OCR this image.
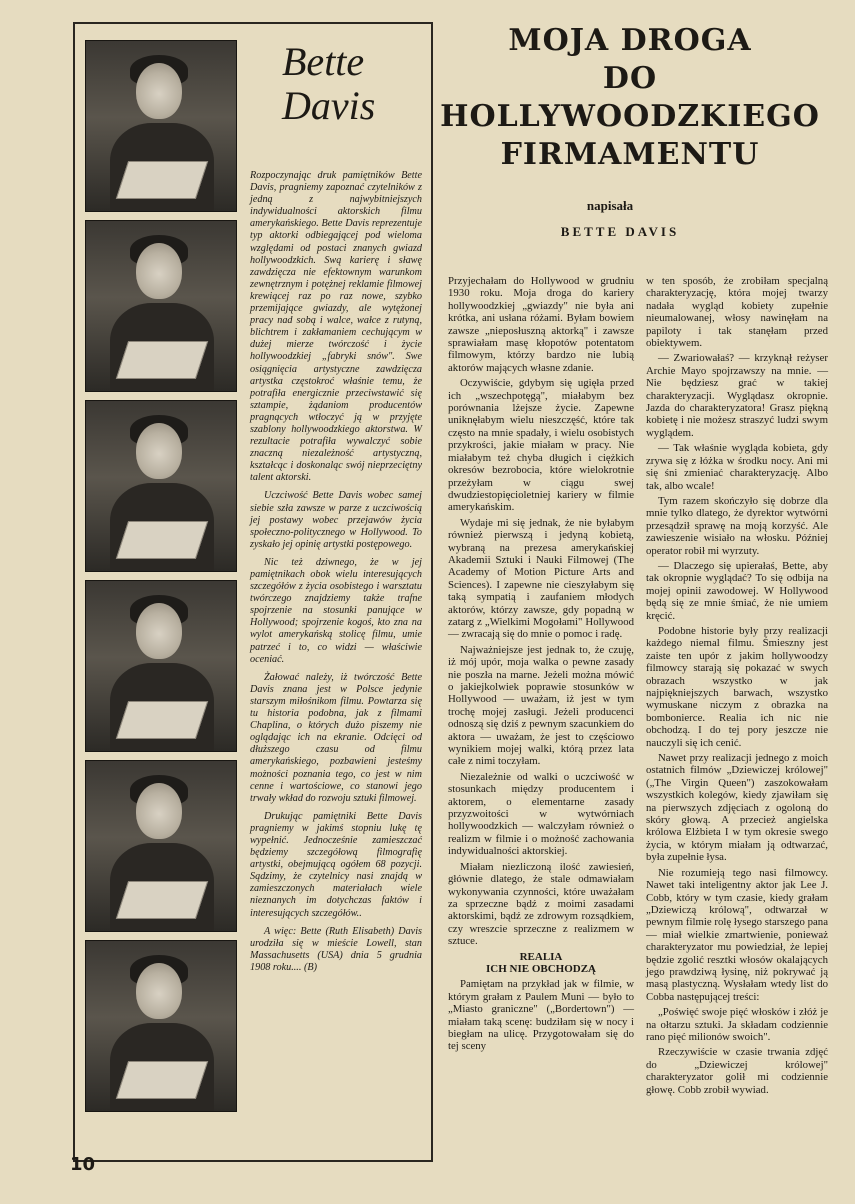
Bette
Davis

Rozpoczynając druk pamiętników Bette Davis, pragniemy zapoznać czytelników z jedną z najwybitniejszych indywidualności aktorskich filmu amerykańskiego. Bette Davis reprezentuje typ aktorki odbiegającej pod wieloma względami od postaci znanych gwiazd hollywoodzkich. Swą karierę i sławę zawdzięcza nie efektownym warunkom zewnętrznym i potężnej reklamie filmowej krewiącej raz po raz nowe, szybko przemijające gwiazdy, ale wytężonej pracy nad sobą i walce, wałce z rutyną, blichtrem i zakłamaniem cechującym w dużej mierze twórczość i życie hollywoodzkiej „fabryki snów". Swe osiągnięcia artystyczne zawdzięcza artystka częstokroć właśnie temu, że potrafiła energicznie przeciwstawić się sztampie, żądaniom producentów pragnących wtłoczyć ją w przyjęte szablony hollywoodzkiego aktorstwa. W rezultacie potrafiła wywalczyć sobie znaczną niezależność artystyczną, kształcąc i doskonaląc swój nieprzeciętny talent aktorski.

Uczciwość Bette Davis wobec samej siebie szła zawsze w parze z uczciwością jej postawy wobec przejawów życia społeczno-politycznego w Hollywood. To zyskało jej opinię artystki postępowego.

Nic też dziwnego, że w jej pamiętnikach obok wielu interesujących szczegółów z życia osobistego i warsztatu twórczego znajdziemy także trafne spojrzenie na stosunki panujące w Hollywood; spojrzenie kogoś, kto zna na wylot amerykańską stolicę filmu, umie patrzeć i to, co widzi — właściwie oceniać.

Żałować należy, iż twórczość Bette Davis znana jest w Polsce jedynie starszym miłośnikom filmu. Powtarza się tu historia podobna, jak z filmami Chaplina, o których dużo piszemy nie oglądając ich na ekranie. Odcięci od dłuższego czasu od filmu amerykańskiego, pozbawieni jesteśmy możności poznania tego, co jest w nim cenne i wartościowe, co stanowi jego trwały wkład do rozwoju sztuki filmowej.

Drukując pamiętniki Bette Davis pragniemy w jakimś stopniu lukę tę wypełnić. Jednocześnie zamieszczać będziemy szczegółową filmografię artystki, obejmującą ogółem 68 pozycji. Sądzimy, że czytelnicy nasi znajdą w zamieszczonych materiałach wiele nieznanych im dotychczas faktów i interesujących szczegółów..

A więc: Bette (Ruth Elisabeth) Davis urodziła się w mieście Lowell, stan Massachusetts (USA) dnia 5 grudnia 1908 roku.... (B)

MOJA DROGA
DO
HOLLYWOODZKIEGO
FIRMAMENTU
napisała
BETTE DAVIS

Przyjechałam do Hollywood w grudniu 1930 roku. Moja droga do kariery hollywoodzkiej „gwiazdy" nie była ani krótka, ani usłana różami. Byłam bowiem zawsze „nieposłuszną aktorką" i zawsze sprawiałam masę kłopotów potentatom filmowym, którzy bardzo nie lubią aktorów mających własne zdanie.

Oczywiście, gdybym się ugięła przed ich „wszechpotęgą", miałabym bez porównania lżejsze życie. Zapewne uniknęłabym wielu nieszczęść, które tak często na mnie spadały, i wielu osobistych przykrości, jakie miałam w pracy. Nie miałabym też chyba długich i ciężkich okresów bezrobocia, które wielokrotnie przeżyłam w ciągu swej dwudziestopięcioletniej kariery w filmie amerykańskim.

Wydaje mi się jednak, że nie byłabym również pierwszą i jedyną kobietą, wybraną na prezesa amerykańskiej Akademii Sztuki i Nauki Filmowej (The Academy of Motion Picture Arts and Sciences). I zapewne nie cieszyłabym się taką sympatią i zaufaniem młodych aktorów, którzy zawsze, gdy popadną w zatarg z „Wielkimi Mogołami" Hollywood — zwracają się do mnie o pomoc i radę.

Najważniejsze jest jednak to, że czuję, iż mój upór, moja walka o pewne zasady nie poszła na marne. Jeżeli można mówić o jakiejkolwiek poprawie stosunków w Hollywood — uważam, iż jest w tym trochę mojej zasługi. Jeżeli producenci odnoszą się dziś z pewnym szacunkiem do aktora — uważam, że jest to częściowo wynikiem mojej walki, którą przez lata całe z nimi toczyłam.

Niezależnie od walki o uczciwość w stosunkach między producentem i aktorem, o elementarne zasady przyzwoitości w wytwórniach hollywoodzkich — walczyłam również o realizm w filmie i o możność zachowania indywidualności aktorskiej.

Miałam niezliczoną ilość zawiesień, głównie dlatego, że stale odmawiałam wykonywania czynności, które uważałam za sprzeczne bądź z moimi zasadami aktorskimi, bądź ze zdrowym rozsądkiem, czy wreszcie sprzeczne z realizmem w sztuce.

REALIA
ICH NIE OBCHODZĄ

Pamiętam na przykład jak w filmie, w którym grałam z Paulem Muni — było to „Miasto graniczne" („Bordertown") — miałam taką scenę: budziłam się w nocy i biegłam na ulicę. Przygotowałam się do tej sceny

w ten sposób, że zrobiłam specjalną charakteryzację, która mojej twarzy nadała wygląd kobiety zupełnie nieumalowanej, włosy nawinęłam na papiloty i tak stanęłam przed obiektywem.

— Zwariowałaś? — krzyknął reżyser Archie Mayo spojrzawszy na mnie. — Nie będziesz grać w takiej charakteryzacji. Wyglądasz okropnie. Jazda do charakteryzatora! Grasz piękną kobietę i nie możesz straszyć ludzi swym wyglądem.

— Tak właśnie wygląda kobieta, gdy zrywa się z łóżka w środku nocy. Ani mi się śni zmieniać charakteryzację. Albo tak, albo wcale!

Tym razem skończyło się dobrze dla mnie tylko dlatego, że dyrektor wytwórni przesądził sprawę na moją korzyść. Ale zawieszenie wisiało na włosku. Później operator robił mi wyrzuty.

— Dlaczego się upierałaś, Bette, aby tak okropnie wyglądać? To się odbija na mojej opinii zawodowej. W Hollywood będą się ze mnie śmiać, że nie umiem kręcić.

Podobne historie były przy realizacji każdego niemal filmu. Śmieszny jest zaiste ten upór z jakim hollywoodzy filmowcy starają się pokazać w swych obrazach wszystko w jak najpiękniejszych barwach, wszystko wymuskane niczym z obrazka na bombonierce. Realia ich nic nie obchodzą. I do tej pory jeszcze nie nauczyli się ich cenić.

Nawet przy realizacji jednego z moich ostatnich filmów „Dziewiczej królowej" („The Virgin Queen") zaszokowałam wszystkich kolegów, kiedy zjawiłam się na pierwszych zdjęciach z ogoloną do skóry głową. A przecież angielska królowa Elżbieta I w tym okresie swego życia, w którym miałam ją odtwarzać, była zupełnie łysa.

Nie rozumieją tego nasi filmowcy. Nawet taki inteligentny aktor jak Lee J. Cobb, który w tym czasie, kiedy grałam „Dziewiczą królową", odtwarzał w pewnym filmie rolę łysego starszego pana — miał wielkie zmartwienie, ponieważ charakteryzator mu powiedział, że lepiej będzie zgolić resztki włosów okalających jego prawdziwą łysinę, niż pokrywać ją masą plastyczną. Wysłałam wtedy list do Cobba następującej treści:

„Poświęć swoje pięć włosków i złóż je na ołtarzu sztuki. Ja składam codziennie rano pięć milionów swoich".

Rzeczywiście w czasie trwania zdjęć do „Dziewiczej królowej" charakteryzator golił mi codziennie głowę. Cobb zrobił wywiad.

10
